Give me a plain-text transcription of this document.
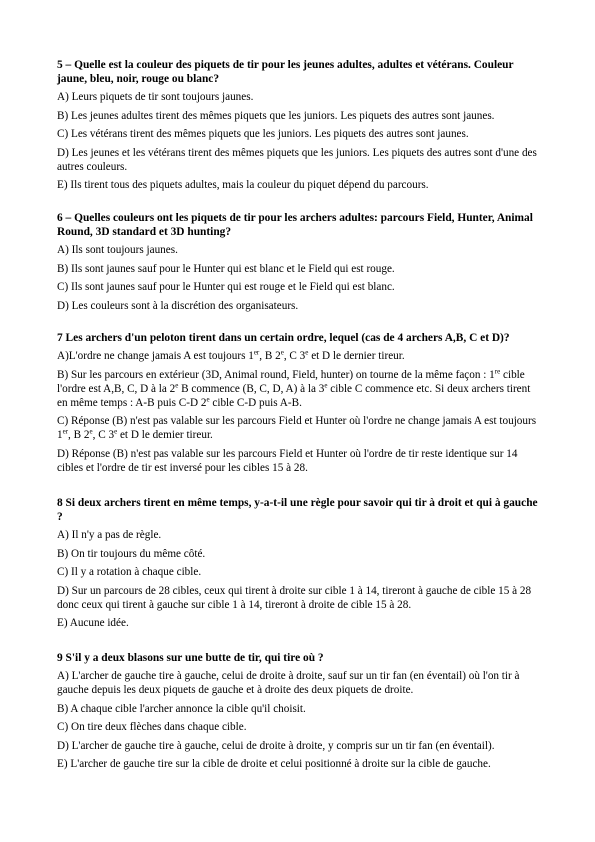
5 – Quelle est la couleur des piquets de tir pour les jeunes adultes, adultes et vétérans. Couleur jaune, bleu, noir, rouge ou blanc?

A) Leurs piquets de tir sont toujours jaunes.

B) Les jeunes adultes tirent des mêmes piquets que les juniors. Les piquets des autres sont jaunes.

C) Les vétérans tirent des mêmes piquets que les juniors. Les piquets des autres sont jaunes.

D) Les jeunes et les vétérans tirent des mêmes piquets que les juniors. Les piquets des autres sont d'une des autres couleurs.

E) Ils tirent tous des piquets adultes, mais la couleur du piquet dépend du parcours.

6 – Quelles couleurs ont les piquets de tir pour les archers adultes: parcours Field, Hunter, Animal Round, 3D standard et 3D hunting?

A) Ils sont toujours jaunes.

B) Ils sont jaunes sauf pour le Hunter qui est blanc et le Field qui est rouge.

C) Ils sont jaunes sauf pour le Hunter qui est rouge et le Field qui est blanc.

D) Les couleurs sont à la discrétion des organisateurs.

7 Les archers d'un peloton tirent dans un certain ordre, lequel (cas de 4 archers A,B, C et D)?

A)L'ordre ne change jamais A est toujours 1er, B 2e, C 3e et D le dernier tireur.

B) Sur les parcours en extérieur (3D, Animal round, Field, hunter) on tourne de la même façon : 1re cible l'ordre est A,B, C, D à la 2e B commence (B, C, D, A) à la 3e cible C commence etc. Si deux archers tirent en même temps : A-B puis C-D 2e cible C-D puis A-B.

C) Réponse (B) n'est pas valable sur les parcours Field et Hunter où l'ordre ne change jamais A est toujours 1er, B 2e, C 3e et D le demier tireur.

D) Réponse (B) n'est pas valable sur les parcours Field et Hunter où l'ordre de tir reste identique sur 14 cibles et l'ordre de tir est inversé pour les cibles 15 à 28.

8 Si deux archers tirent en même temps, y-a-t-il une règle pour savoir qui tir à droit et qui à gauche ?

A) Il n'y a pas de règle.

B) On tir toujours du même côté.

C) Il y a rotation à chaque cible.

D) Sur un parcours de 28 cibles, ceux qui tirent à droite sur cible 1 à 14, tireront à gauche de cible 15 à 28 donc ceux qui tirent à gauche sur cible 1 à 14, tireront à droite de cible 15 à 28.

E) Aucune idée.

9 S'il y a deux blasons sur une butte de tir, qui tire où ?

A) L'archer de gauche tire à gauche, celui de droite à droite, sauf sur un tir fan (en éventail) où l'on tir à gauche depuis les deux piquets de gauche et à droite des deux piquets de droite.

B) A chaque cible l'archer annonce la cible qu'il choisit.

C) On tire deux flèches dans chaque cible.

D) L'archer de gauche tire à gauche, celui de droite à droite, y compris sur un tir fan (en éventail).

E) L'archer de gauche tire sur la cible de droite et celui positionné à droite sur la cible de gauche.
